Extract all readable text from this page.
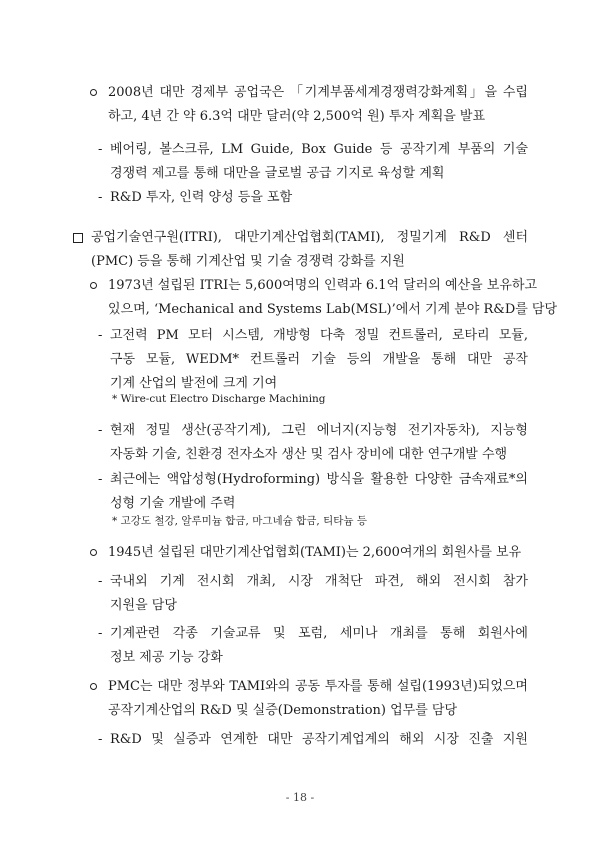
2008년 대만 경제부 공업국은 「기계부품세계경쟁력강화계획」을 수립
하고, 4년 간 약 6.3억 대만 달러(약 2,500억 원) 투자 계획을 발표
- 베어링, 볼스크류, LM Guide, Box Guide 등 공작기계 부품의 기술
경쟁력 제고를 통해 대만을 글로벌 공급 기지로 육성할 계획
- R&D 투자, 인력 양성 등을 포함
공업기술연구원(ITRI), 대만기계산업협회(TAMI), 정밀기계 R&D 센터
(PMC) 등을 통해 기계산업 및 기술 경쟁력 강화를 지원
1973년 설립된 ITRI는 5,600여명의 인력과 6.1억 달러의 예산을 보유하고
있으며, ‘Mechanical and Systems Lab(MSL)’에서 기계 분야 R&D를 담당
- 고전력 PM 모터 시스템, 개방형 다축 정밀 컨트롤러, 로타리 모듈,
구동 모듈, WEDM* 컨트롤러 기술 등의 개발을 통해 대만 공작
기계 산업의 발전에 크게 기여
* Wire-cut Electro Discharge Machining
- 현재 정밀 생산(공작기계), 그린 에너지(지능형 전기자동차), 지능형
자동화 기술, 친환경 전자소자 생산 및 검사 장비에 대한 연구개발 수행
- 최근에는 액압성형(Hydroforming) 방식을 활용한 다양한 금속재료*의
성형 기술 개발에 주력
* 고강도 철강, 알루미늄 합금, 마그네슘 합금, 티타늄 등
1945년 설립된 대만기계산업협회(TAMI)는 2,600여개의 회원사를 보유
- 국내외 기계 전시회 개최, 시장 개척단 파견, 해외 전시회 참가
지원을 담당
- 기계관련 각종 기술교류 및 포럼, 세미나 개최를 통해 회원사에
정보 제공 기능 강화
PMC는 대만 정부와 TAMI와의 공동 투자를 통해 설립(1993년)되었으며
공작기계산업의 R&D 및 실증(Demonstration) 업무를 담당
- R&D 및 실증과 연계한 대만 공작기계업계의 해외 시장 진출 지원
- 18 -
